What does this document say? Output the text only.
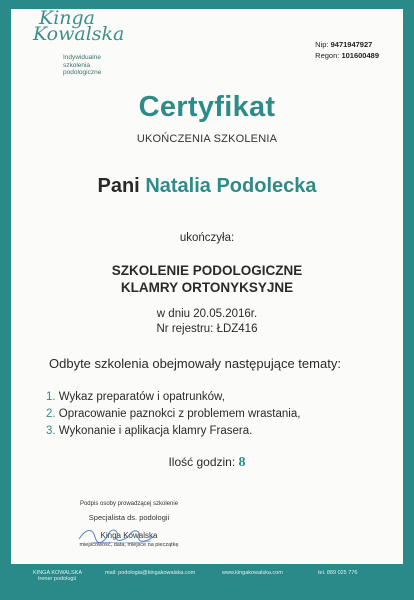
Kinga
Kowalska
Indywidualne
szkolenia
podologiczne
Nip: 9471947927
Regon: 101600489
Certyfikat
UKOŃCZENIA SZKOLENIA
Pani Natalia Podolecka
ukończyła:
SZKOLENIE PODOLOGICZNE
KLAMRY ORTONYKSYJNE
w dniu 20.05.2016r.
Nr rejestru: ŁDZ416
Odbyte szkolenia obejmowały następujące tematy:
1. Wykaz preparatów i opatrunków,
2. Opracowanie paznokci z problemem wrastania,
3. Wykonanie i aplikacja klamry Frasera.
Ilość godzin: 8
Podpis osoby prowadzącej szkolenie
Specjalista ds. podologii
Kinga Kowalska
miejscowość, data, miejsce na pieczątkę
KINGA KOWALSKA
trener podologii
mail: podologia@kingakowalska.com	www.kingakowalska.com	tel. 889 025 776
